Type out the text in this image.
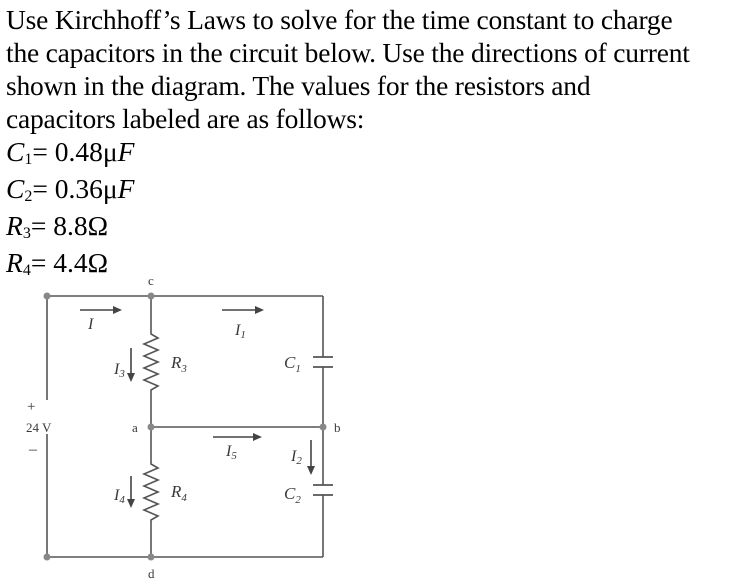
Use Kirchhoff’s Laws to solve for the time constant to charge

the capacitors in the circuit below. Use the directions of current

shown in the diagram. The values for the resistors and

capacitors labeled are as follows:

C1= 0.48μF
C2= 0.36μF
R3= 8.8Ω
R4= 4.4Ω
c
a	b
d
+
24 V
–
I	I1
I3
$R_3$	$C_1$
I5	I2
I4	$R_4$	$C_2$
